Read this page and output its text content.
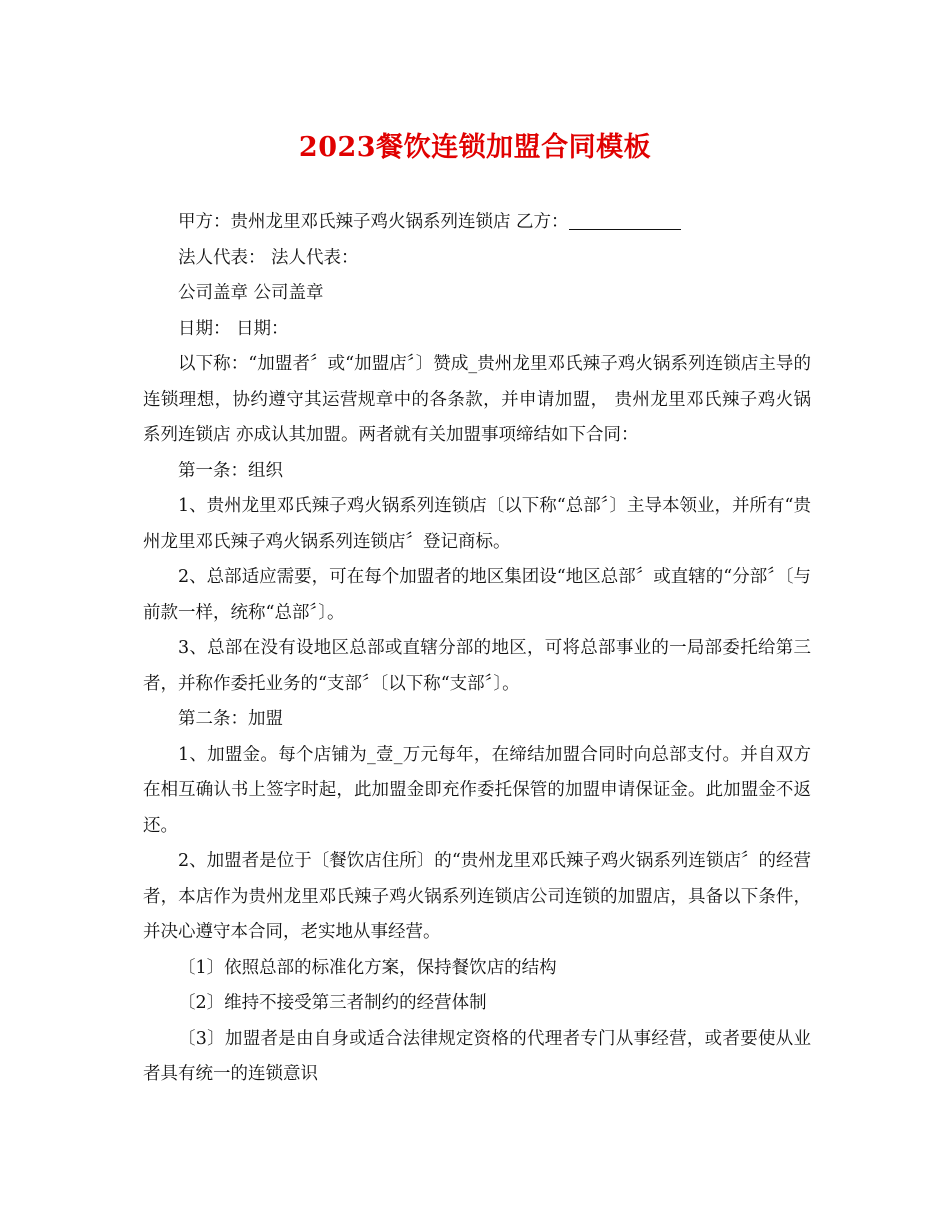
2023餐饮连锁加盟合同模板

甲方：贵州龙里邓氏辣子鸡火锅系列连锁店 乙方：

法人代表： 法人代表：

公司盖章 公司盖章

日期： 日期：

以下称：“加盟者〞或“加盟店〞〕赞成_贵州龙里邓氏辣子鸡火锅系列连锁店主导的连锁理想，协约遵守其运营规章中的各条款，并申请加盟， 贵州龙里邓氏辣子鸡火锅系列连锁店 亦成认其加盟。两者就有关加盟事项缔结如下合同：

第一条：组织

1、贵州龙里邓氏辣子鸡火锅系列连锁店〔以下称“总部〞〕主导本领业，并所有“贵州龙里邓氏辣子鸡火锅系列连锁店〞登记商标。

2、总部适应需要，可在每个加盟者的地区集团设“地区总部〞或直辖的“分部〞〔与前款一样，统称“总部〞〕。

3、总部在没有设地区总部或直辖分部的地区，可将总部事业的一局部委托给第三者，并称作委托业务的“支部〞〔以下称“支部〞〕。

第二条：加盟

1、加盟金。每个店铺为_壹_万元每年，在缔结加盟合同时向总部支付。并自双方在相互确认书上签字时起，此加盟金即充作委托保管的加盟申请保证金。此加盟金不返还。

2、加盟者是位于〔餐饮店住所〕的“贵州龙里邓氏辣子鸡火锅系列连锁店〞的经营者，本店作为贵州龙里邓氏辣子鸡火锅系列连锁店公司连锁的加盟店，具备以下条件，并决心遵守本合同，老实地从事经营。

〔1〕依照总部的标准化方案，保持餐饮店的结构

〔2〕维持不接受第三者制约的经营体制

〔3〕加盟者是由自身或适合法律规定资格的代理者专门从事经营，或者要使从业者具有统一的连锁意识
